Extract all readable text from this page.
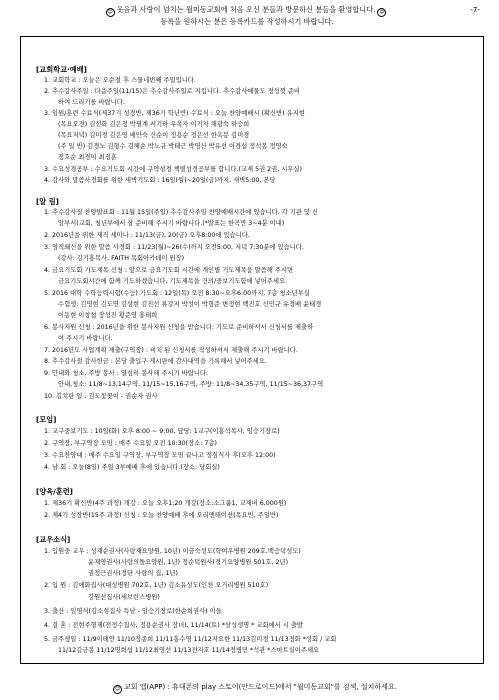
☺ 웃음과 사랑이 넘치는 월미동교회에 처음 오신 분들과 방문하신 분들을 환영합니다. ☺
등록을 원하시는 분은 등록카드를 작성하시기 바랍니다.
-7-
[교회학교·예배]
1. 교회학교 : 오늘은 오순절 후 스물네번째 주일입니다.
2. 추수감사주일 : 다음주일(11/15)은 추수감사주일로 지킵니다. 추수감사예물도 정성껏 준비
하여 드리기를 바랍니다.
3. 임원/훈련 수료식(제37기 성경반, 제36기 학년반) 수료식 : 오늘 찬양예배시 (확신반) 유지현
(목요오전) 김선화 김은정 박필계 서기하 우옥자 이기자 채광숙 하승희
(목요저녁) 김미경 김은영 배안숙 신순이 정용순 정은선 한옥봉 김미경
(주 일 반) 김경노 김형수 김혜순 박노규 박태근 박영산 박유선 이경섭 정석봉 정영숙
정호순 최경미 최정훈
3. 수요성경공부 : 수요기도회 시간에 구약성경 책별성경공부를 합니다.(교재 5권 2권, 시무실)
4. 감사와 말씀사경회를 위한 새벽기도회 : 16일(월)~20일(금)까지, 새벽5:00, 본당
[알 림]
1. 추수감사절 찬양발표회 : 11월 15일(주일) 추수감사주일 찬양예배시간에 있습니다. 각 기관 및 신
앙부서(교회, 청년부에서 잘 준비해 주시기 바랍니다.(*발표는 한곡만 3~4분 이내)
2. 2016년을 위한 제직 세미나 : 11/13(금), 20(금) 오후8:00에 있습니다.
3. 영적쇄신을 위한 말씀 사경회 : 11/23(월)~26(수)까지 오전5:00, 저녁 7:30분에 있습니다.
(강사: 김기홍목사, FAITH 목회아카데미 원장)
4. 금요기도회 기도제목 신청 : 앞으로 금요기도회 시간에 개인별 기도제목을 말씀해 주시면
금요기도회시간에 함께 기도하겠습니다. 기도제목을 건의/중보기도함에 넣어주세요.
5. 2016 대학 수학능력시험(수능) 기도회 : 12일(목) 오전 8:30~오후6:00까지, 7층 청소년부실
수험생: 김영현 김도연 김상현 김진선 류강지 박성이 박형준 변정현 백진호 신민규 유경배 윤태경
이동현 이창섭 장성진 황준영 홍태희
6. 봉사지원 신청 : 2016년을 위한 봉사지원 신청을 받습니다. 기도로 준비하셔서 신청서를 제출하
여 주시기 바랍니다.
7. 2016년도 사업계획 제출(구역장) : 비치 된 신청서를 작성하셔서 제출해 주시기 바랍니다.
8. 추수감사절 감사헌금 : 본당 출입구 게시판에 감사내역을 기록해서 넣어주세요.
9. 안내와 청소, 주방 봉사 : 열심히 봉사해 주시기 바랍니다.
안내,청소: 11/8~13,14구역, 11/15~15,16구역, 주방: 11/8~34,35구역, 11/15~36,37구역
10. 김치판 일 : 김도꽃꽂이 - 권순자 권사
[모임]
1. 교구중보기도 : 10일(화) 오후 8:00 ~ 9:00, 담당: 1교구(이홍석목사, 임승기장로)
2. 구역장, 부구역장 모임 : 매주 수요일 오전 10:30(장소: 7층)
3. 수요찬양대 : 매주 수요일 구역장, 부구역장 모임 끝나고 정심식사 후(오후 12:00)
4. 남 회 : 오늘(8일) 주일 3부예배 후에 있습니다.(장소: 당회실)
[양육/훈련]
1. 제36기 확신반(4주 과정) 개강 : 오늘 오후1:20 개강(장소:소그룹1, 교재비 6,000원)
2. 제4기 성장반(15주 과정) 신청 : 오늘 찬양예배 후에 오리엔테이션(목요반, 주일반)
[교우소식]
1. 입원중 교우 : 성재순권사(사랑재요양원, 10년) 이금숙성도(학여우병원 209호,백승덕성도)
윤재영권사(사랑의돌요양원, 1년) 정순덕원사(경기요양병원 501호, 2년)
권정근권사(정단 사랑의 집, 1년)
2. 입 원 : 김애화집사(대성병원 702호, 1년) 김소유성도(인천 오거리병원 510호)
강원선집사(세브란스병원)
3. 출산 : 임영식(김소성집사 득남 - 임승기장로(한순희권사) 이들
4. 결 혼 : 전현주형제(전정수집사, 정용순권사 장녀), 11/14(토) *삼성생명 * 교회에서 시 출발
5. 금주생일 : 11/9이태연 11/10정종희 11/11홍수영 11/12지요한 11/13김미경 11/13정화 *성회 / 교회
11/12김금봉 11/12명희섭 11/12최영선 11/13전지호 11/14정병민 *석관 *스마트실이주세요
☺ 교회 앱(APP) : 휴대폰의 play 스토어(안드로이드)에서 "월미동교회"를 검색, 설치하세요.
